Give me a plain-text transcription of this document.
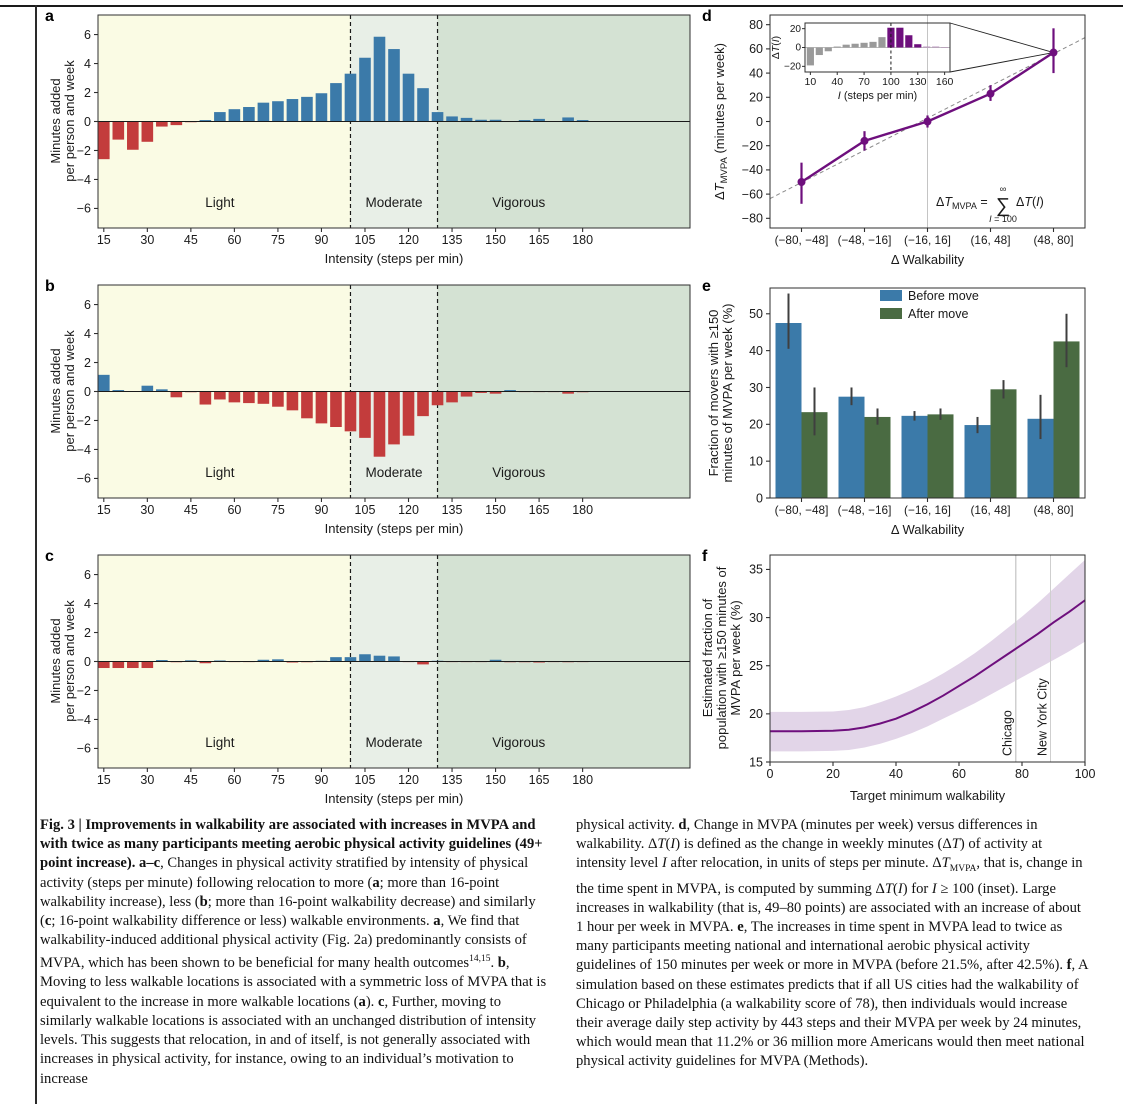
a
b
c
d
e
f
−6
−4
−2
0
2
4
6
15 30 45 60 75 90 105 120 135 150 165 180
Light	Moderate	Vigorous
Intensity (steps per min)
Minutes added per person and week
−6
−4
−2
0
2
4
6
15 30 45 60 75 90 105 120 135 150 165 180
Light	Moderate	Vigorous
Intensity (steps per min)
Minutes added per person and week
−6
−4
−2
0
2
4
6
15 30 45 60 75 90 105 120 135 150 165 180
Light	Moderate	Vigorous
Intensity (steps per min)
Minutes added per person and week
−80
−60
−40
−20
0
20
40
60
80
(−80, −48] (−48, −16] (−16, 16] (16, 48] (48, 80]
Δ Walkability
$\Delta T_{MVPA}$ (minutes per week)
$\Delta T_{MVPA}$ = ∑
∞
I = 100
ΔT(I)
10 40 70 100 130 160
−20
0
20
I (steps per min)
ΔT(I)
0
10
20
30
40
50
(−80, −48] (−48, −16] (−16, 16] (16, 48] (48, 80]
Δ Walkability
Fraction of movers with ≥150 minutes of MVPA per week (%)
Before move
After move
Chicago New York City
15
20
25
30
35
0	20	40	60	80	100
Target minimum walkability
Estimated fraction of population with ≥150 minutes of MVPA per week (%)
Fig. 3 | Improvements in walkability are associated with increases in MVPA and with twice as many participants meeting aerobic physical activity guidelines (49+ point increase). a–c, Changes in physical activity stratified by intensity of physical activity (steps per minute) following relocation to more (a; more than 16-point walkability increase), less (b; more than 16-point walkability decrease) and similarly (c; 16-point walkability difference or less) walkable environments. a, We find that walkability-induced additional physical activity (Fig. 2a) predominantly consists of MVPA, which has been shown to be beneficial for many health outcomes$^{14,15}$. b, Moving to less walkable locations is associated with a symmetric loss of MVPA that is equivalent to the increase in more walkable locations (a). c, Further, moving to similarly walkable locations is associated with an unchanged distribution of intensity levels. This suggests that relocation, in and of itself, is not generally associated with increases in physical activity, for instance, owing to an individual’s motivation to increase
physical activity. d, Change in MVPA (minutes per week) versus differences in walkability. ΔT(I) is defined as the change in weekly minutes (ΔT) of activity at intensity level I after relocation, in units of steps per minute. $\Delta T_{MVPA}$, that is, change in the time spent in MVPA, is computed by summing ΔT(I) for I ≥ 100 (inset). Large increases in walkability (that is, 49–80 points) are associated with an increase of about 1 hour per week in MVPA. e, The increases in time spent in MVPA lead to twice as many participants meeting national and international aerobic physical activity guidelines of 150 minutes per week or more in MVPA (before 21.5%, after 42.5%). f, A simulation based on these estimates predicts that if all US cities had the walkability of Chicago or Philadelphia (a walkability score of 78), then individuals would increase their average daily step activity by 443 steps and their MVPA per week by 24 minutes, which would mean that 11.2% or 36 million more Americans would then meet national physical activity guidelines for MVPA (Methods).
